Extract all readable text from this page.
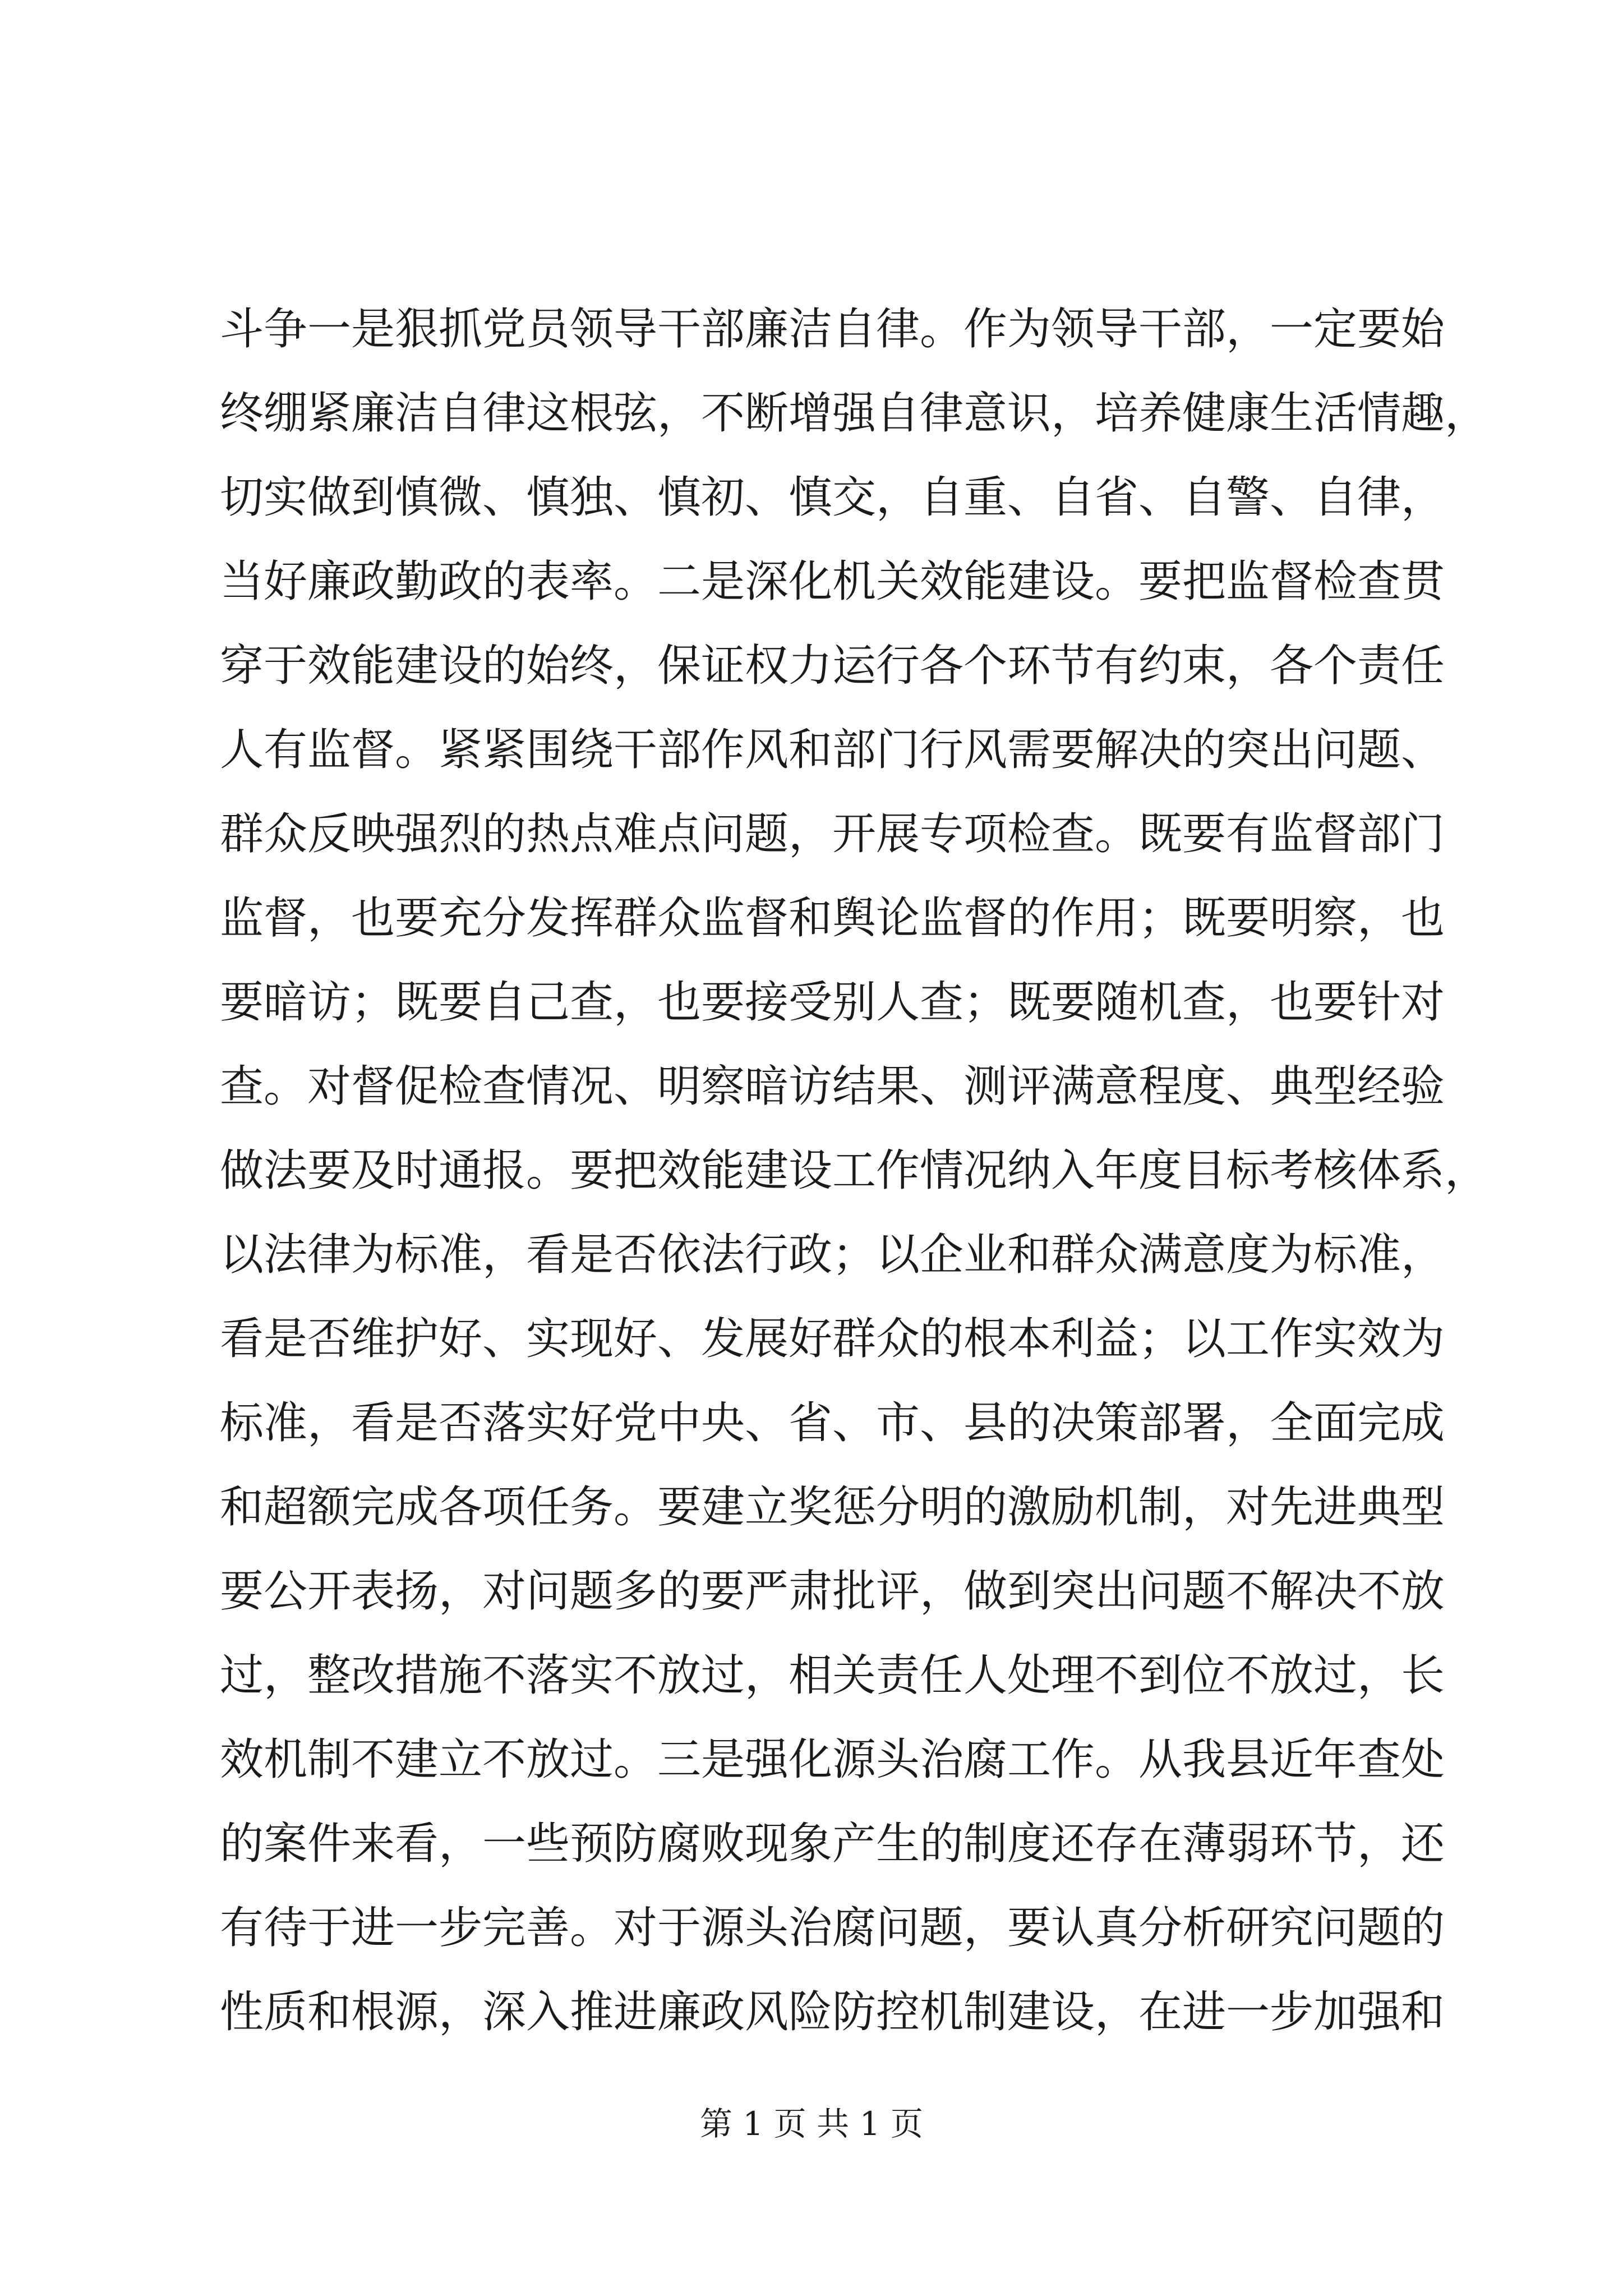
斗争一是狠抓党员领导干部廉洁自律。作为领导干部，一定要始
终绷紧廉洁自律这根弦，不断增强自律意识，培养健康生活情趣，
切实做到慎微、慎独、慎初、慎交，自重、自省、自警、自律，
当好廉政勤政的表率。二是深化机关效能建设。要把监督检查贯
穿于效能建设的始终，保证权力运行各个环节有约束，各个责任
人有监督。紧紧围绕干部作风和部门行风需要解决的突出问题、
群众反映强烈的热点难点问题，开展专项检查。既要有监督部门
监督，也要充分发挥群众监督和舆论监督的作用；既要明察，也
要暗访；既要自己查，也要接受别人查；既要随机查，也要针对
查。对督促检查情况、明察暗访结果、测评满意程度、典型经验
做法要及时通报。要把效能建设工作情况纳入年度目标考核体系，
以法律为标准，看是否依法行政；以企业和群众满意度为标准，
看是否维护好、实现好、发展好群众的根本利益；以工作实效为
标准，看是否落实好党中央、省、市、县的决策部署，全面完成
和超额完成各项任务。要建立奖惩分明的激励机制，对先进典型
要公开表扬，对问题多的要严肃批评，做到突出问题不解决不放
过，整改措施不落实不放过，相关责任人处理不到位不放过，长
效机制不建立不放过。三是强化源头治腐工作。从我县近年查处
的案件来看，一些预防腐败现象产生的制度还存在薄弱环节，还
有待于进一步完善。对于源头治腐问题，要认真分析研究问题的
性质和根源，深入推进廉政风险防控机制建设，在进一步加强和
第 1 页 共 1 页
